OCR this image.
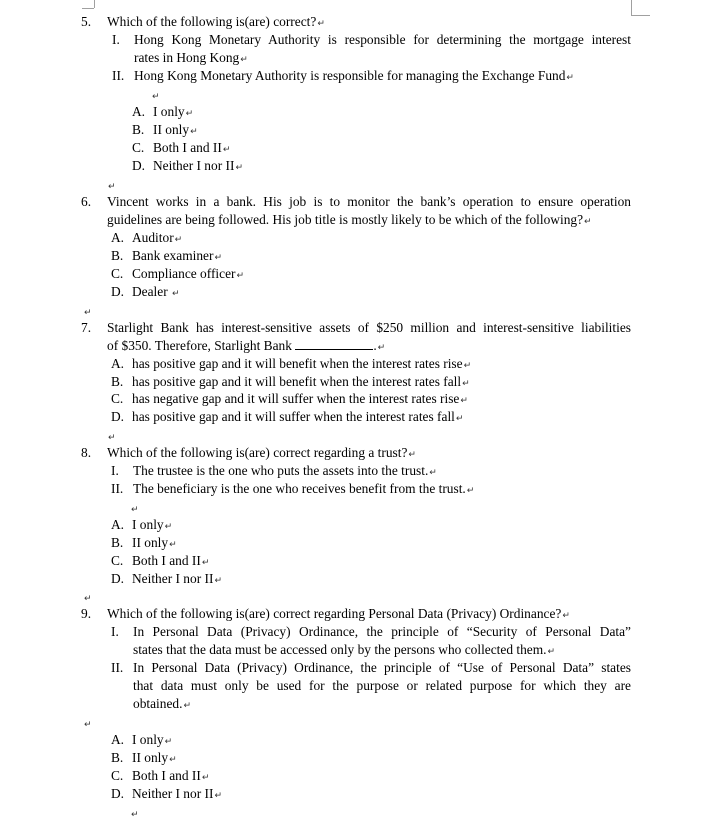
5.	Which of the following is(are) correct?↵
I. Hong Kong Monetary Authority is responsible for determining the mortgage interest
rates in Hong Kong↵
II. Hong Kong Monetary Authority is responsible for managing the Exchange Fund↵
↵
A. I only↵
B. II only↵
C. Both I and II↵
D. Neither I nor II↵
↵
6.	Vincent works in a bank. His job is to monitor the bank’s operation to ensure operation
guidelines are being followed. His job title is mostly likely to be which of the following?↵
A. Auditor↵
B. Bank examiner↵
C. Compliance officer↵
D. Dealer ↵
↵
7.	Starlight Bank has interest-sensitive assets of $250 million and interest-sensitive liabilities
of $350. Therefore, Starlight Bank	.↵
A. has positive gap and it will benefit when the interest rates rise↵
B. has positive gap and it will benefit when the interest rates fall↵
C. has negative gap and it will suffer when the interest rates rise↵
D. has positive gap and it will suffer when the interest rates fall↵
↵
8.	Which of the following is(are) correct regarding a trust?↵
I. The trustee is the one who puts the assets into the trust.↵
II. The beneficiary is the one who receives benefit from the trust.↵
↵
A. I only↵
B. II only↵
C. Both I and II↵
D. Neither I nor II↵
↵
9.	Which of the following is(are) correct regarding Personal Data (Privacy) Ordinance?↵
I. In Personal Data (Privacy) Ordinance, the principle of “Security of Personal Data”
states that the data must be accessed only by the persons who collected them.↵
II. In Personal Data (Privacy) Ordinance, the principle of “Use of Personal Data” states
that data must only be used for the purpose or related purpose for which they are
obtained.↵
↵
A. I only↵
B. II only↵
C. Both I and II↵
D. Neither I nor II↵
↵
